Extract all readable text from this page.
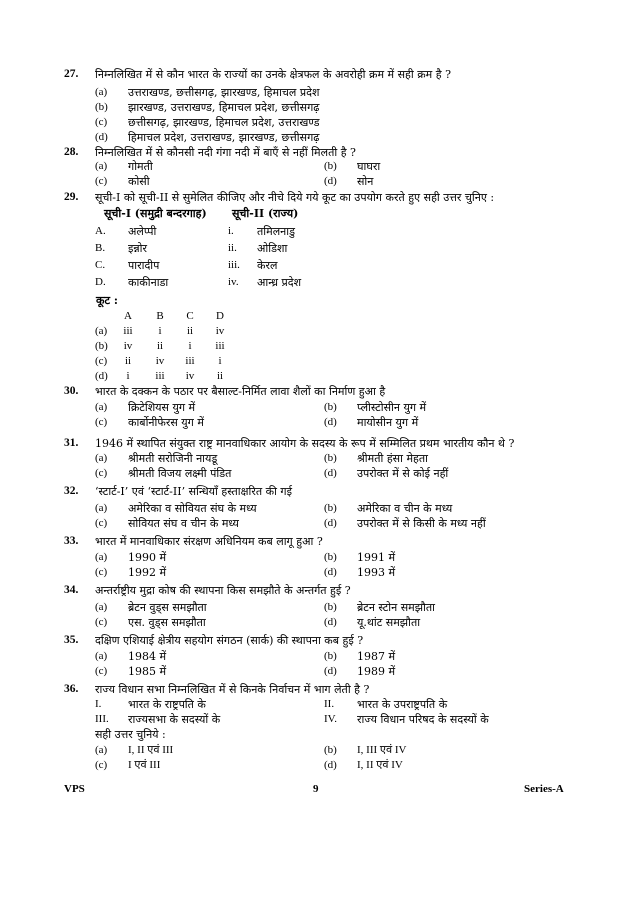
27. निम्नलिखित में से कौन भारत के राज्यों का उनके क्षेत्रफल के अवरोही क्रम में सही क्रम है ?
(a) उत्तराखण्ड, छत्तीसगढ़, झारखण्ड, हिमाचल प्रदेश
(b) झारखण्ड, उत्तराखण्ड, हिमाचल प्रदेश, छत्तीसगढ़
(c) छत्तीसगढ़, झारखण्ड, हिमाचल प्रदेश, उत्तराखण्ड
(d) हिमाचल प्रदेश, उत्तराखण्ड, झारखण्ड, छत्तीसगढ़
28. निम्नलिखित में से कौनसी नदी गंगा नदी में बाएँ से नहीं मिलती है ?
(a) गोमती	(b) घाघरा
(c) कोसी	(d) सोन
29. सूची-I को सूची-II से सुमेलित कीजिए और नीचे दिये गये कूट का उपयोग करते हुए सही उत्तर चुनिए :
सूची-I (समुद्री बन्दरगाह) सूची-II (राज्य)
A. अलेप्पी	i. तमिलनाडु
B. इन्नोर	ii. ओडिशा
C. पारादीप	iii. केरल
D. काकीनाडा	iv. आन्ध्र प्रदेश
कूट :
A	B	C	D
(a)	iii	i	ii	iv
(b)	iv	ii	i	iii
(c)	ii	iv	iii	i
(d)	i	iii	iv	ii
30. भारत के दक्कन के पठार पर बैसाल्ट-निर्मित लावा शैलों का निर्माण हुआ है
(a) क्रिटेशियस युग में	(b) प्लीस्टोसीन युग में
(c) कार्बोनीफेरस युग में	(d) मायोसीन युग में
31. 1946 में स्थापित संयुक्त राष्ट्र मानवाधिकार आयोग के सदस्य के रूप में सम्मिलित प्रथम भारतीय कौन थे ?
(a) श्रीमती सरोजिनी नायडू	(b) श्रीमती हंसा मेहता
(c) श्रीमती विजय लक्ष्मी पंडित	(d) उपरोक्त में से कोई नहीं
32. ‘स्टार्ट-I’ एवं ‘स्टार्ट-II’ सन्धियाँ हस्ताक्षरित की गई
(a) अमेरिका व सोवियत संघ के मध्य	(b) अमेरिका व चीन के मध्य
(c) सोवियत संघ व चीन के मध्य	(d) उपरोक्त में से किसी के मध्य नहीं
33. भारत में मानवाधिकार संरक्षण अधिनियम कब लागू हुआ ?
(a) 1990 में	(b) 1991 में
(c) 1992 में	(d) 1993 में
34. अन्तर्राष्ट्रीय मुद्रा कोष की स्थापना किस समझौते के अन्तर्गत हुई ?
(a) ब्रेटन वुड्स समझौता	(b) ब्रेटन स्टोन समझौता
(c) एस. वुड्स समझौता	(d) यू.थांट समझौता
35. दक्षिण एशियाई क्षेत्रीय सहयोग संगठन (सार्क) की स्थापना कब हुई ?
(a) 1984 में	(b) 1987 में
(c) 1985 में	(d) 1989 में
36. राज्य विधान सभा निम्नलिखित में से किनके निर्वाचन में भाग लेती है ?
I. भारत के राष्ट्रपति के	II. भारत के उपराष्ट्रपति के
III. राज्यसभा के सदस्यों के	IV. राज्य विधान परिषद के सदस्यों के
सही उत्तर चुनिये :
(a) I, II एवं III	(b) I, III एवं IV
(c) I एवं III	(d) I, II एवं IV
VPS	9	Series-A
